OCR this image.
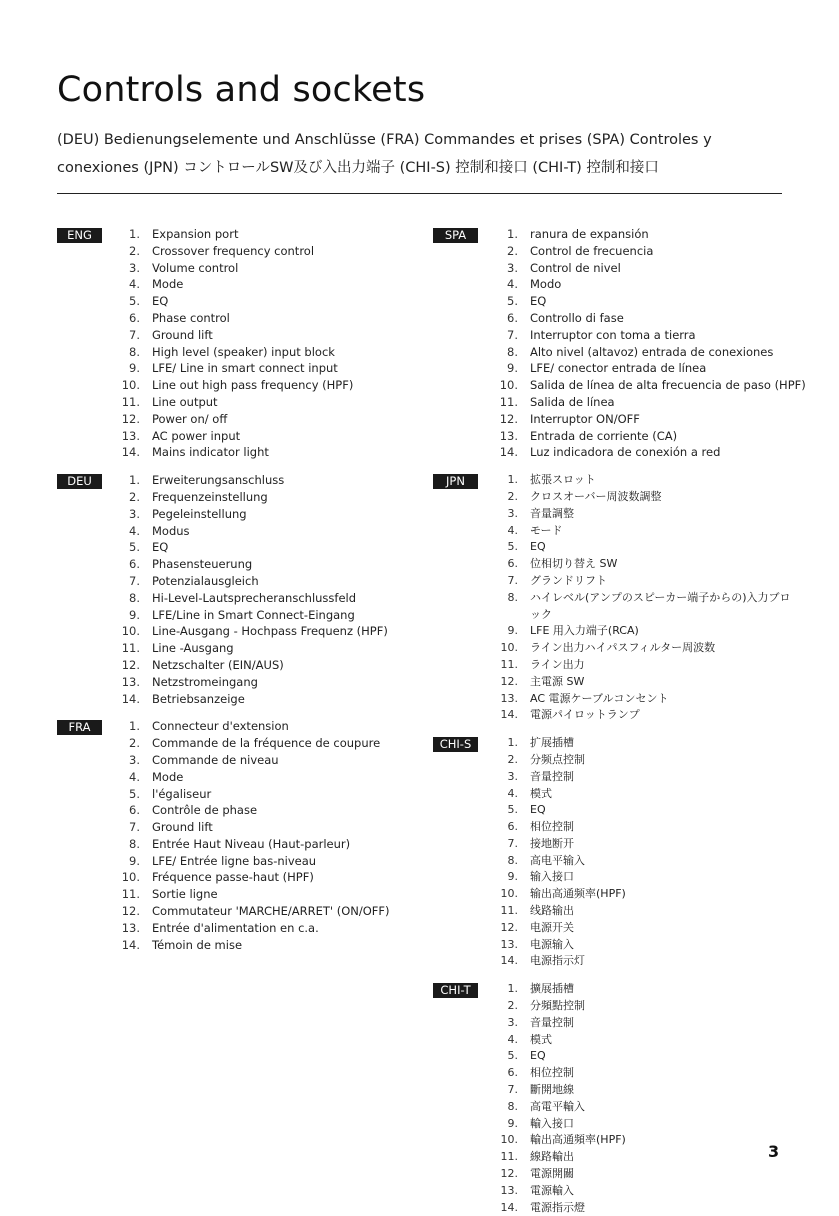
Controls and sockets

(DEU) Bedienungselemente und Anschlüsse (FRA) Commandes et prises (SPA) Controles y conexiones (JPN) コントロールSW及び入出力端子 (CHI-S) 控制和接口 (CHI-T) 控制和接口

ENG	1. Expansion port
2. Crossover frequency control
3. Volume control
4. Mode
5. EQ
6. Phase control
7. Ground lift
8. High level (speaker) input block
9. LFE/ Line in smart connect input
10. Line out high pass frequency (HPF)
11. Line output
12. Power on/ off
13. AC power input
14. Mains indicator light
DEU	1. Erweiterungsanschluss
2. Frequenzeinstellung
3. Pegeleinstellung
4. Modus
5. EQ
6. Phasensteuerung
7. Potenzialausgleich
8. Hi-Level-Lautsprecheranschlussfeld
9. LFE/Line in Smart Connect-Eingang
10. Line-Ausgang - Hochpass Frequenz (HPF)
11. Line -Ausgang
12. Netzschalter (EIN/AUS)
13. Netzstromeingang
14. Betriebsanzeige
FRA	1. Connecteur d'extension
2. Commande de la fréquence de coupure
3. Commande de niveau
4. Mode
5. l'égaliseur
6. Contrôle de phase
7. Ground lift
8. Entrée Haut Niveau (Haut-parleur)
9. LFE/ Entrée ligne bas-niveau
10. Fréquence passe-haut (HPF)
11. Sortie ligne
12. Commutateur 'MARCHE/ARRET' (ON/OFF)
13. Entrée d'alimentation en c.a.
14. Témoin de mise
SPA	1. ranura de expansión
2. Control de frecuencia
3. Control de nivel
4. Modo
5. EQ
6. Controllo di fase
7. Interruptor con toma a tierra
8. Alto nivel (altavoz) entrada de conexiones
9. LFE/ conector entrada de línea
10. Salida de línea de alta frecuencia de paso (HPF)
11. Salida de línea
12. Interruptor ON/OFF
13. Entrada de corriente (CA)
14. Luz indicadora de conexión a red
JPN	1. 拡張スロット
2. クロスオーバー周波数調整
3. 音量調整
4. モード
5. EQ
6. 位相切り替え SW
7. グランドリフト
8. ハイレベル(アンプのスピーカー端子からの)入力ブロック
9. LFE 用入力端子(RCA)
10. ライン出力ハイパスフィルター周波数
11. ライン出力
12. 主電源 SW
13. AC 電源ケーブルコンセント
14. 電源パイロットランプ
CHI-S	1. 扩展插槽
2. 分频点控制
3. 音量控制
4. 模式
5. EQ
6. 相位控制
7. 接地断开
8. 高电平输入
9. 输入接口
10. 输出高通频率(HPF)
11. 线路输出
12. 电源开关
13. 电源输入
14. 电源指示灯
CHI-T	1. 擴展插槽
2. 分頻點控制
3. 音量控制
4. 模式
5. EQ
6. 相位控制
7. 斷開地線
8. 高電平輸入
9. 輸入接口
10. 輸出高通頻率(HPF)
11. 線路輸出
12. 電源開關
13. 電源輸入
14. 電源指示燈
3
